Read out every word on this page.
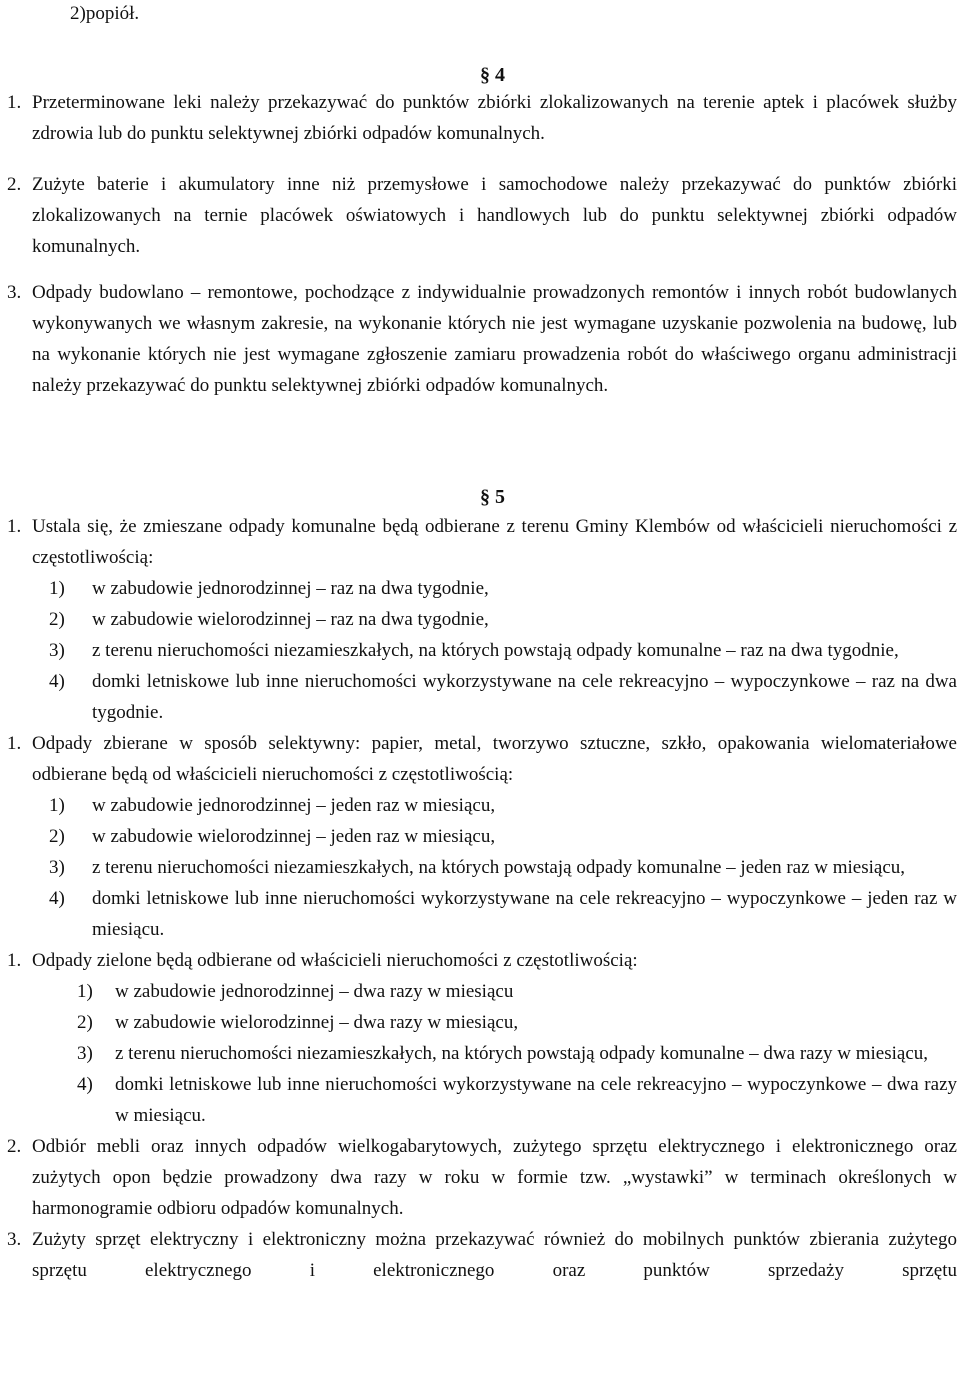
2)popiół.
§ 4
1. Przeterminowane leki należy przekazywać do punktów zbiórki zlokalizowanych na terenie aptek i placówek służby zdrowia lub do punktu selektywnej zbiórki odpadów komunalnych.

2. Zużyte baterie i akumulatory inne niż przemysłowe i samochodowe należy przekazywać do punktów zbiórki zlokalizowanych na ternie placówek oświatowych i handlowych lub do punktu selektywnej zbiórki odpadów komunalnych.

3. Odpady budowlano – remontowe, pochodzące z indywidualnie prowadzonych remontów i innych robót budowlanych wykonywanych we własnym zakresie, na wykonanie których nie jest wymagane uzyskanie pozwolenia na budowę, lub na wykonanie których nie jest wymagane zgłoszenie zamiaru prowadzenia robót do właściwego organu administracji należy przekazywać do punktu selektywnej zbiórki odpadów komunalnych.

§ 5
1. Ustala się, że zmieszane odpady komunalne będą odbierane z terenu Gminy Klembów od właścicieli nieruchomości z częstotliwością:

1) w zabudowie jednorodzinnej – raz na dwa tygodnie,
2) w zabudowie wielorodzinnej – raz na dwa tygodnie,
3) z terenu nieruchomości niezamieszkałych, na których powstają odpady komunalne – raz na dwa tygodnie,
4) domki letniskowe lub inne nieruchomości wykorzystywane na cele rekreacyjno – wypoczynkowe – raz na dwa tygodnie.
1. Odpady zbierane w sposób selektywny: papier, metal, tworzywo sztuczne, szkło, opakowania wielomateriałowe odbierane będą od właścicieli nieruchomości z częstotliwością:

1) w zabudowie jednorodzinnej – jeden raz w miesiącu,
2) w zabudowie wielorodzinnej – jeden raz w miesiącu,
3) z terenu nieruchomości niezamieszkałych, na których powstają odpady komunalne – jeden raz w miesiącu,
4) domki letniskowe lub inne nieruchomości wykorzystywane na cele rekreacyjno – wypoczynkowe – jeden raz w miesiącu.
1. Odpady zielone będą odbierane od właścicieli nieruchomości z częstotliwością:

1) w zabudowie jednorodzinnej – dwa razy w miesiącu
2) w zabudowie wielorodzinnej – dwa razy w miesiącu,
3) z terenu nieruchomości niezamieszkałych, na których powstają odpady komunalne – dwa razy w miesiącu,
4) domki letniskowe lub inne nieruchomości wykorzystywane na cele rekreacyjno – wypoczynkowe – dwa razy w miesiącu.
2. Odbiór mebli oraz innych odpadów wielkogabarytowych, zużytego sprzętu elektrycznego i elektronicznego oraz zużytych opon będzie prowadzony dwa razy w roku w formie tzw. „wystawki” w terminach określonych w harmonogramie odbioru odpadów komunalnych.

3. Zużyty sprzęt elektryczny i elektroniczny można przekazywać również do mobilnych punktów zbierania zużytego sprzętu elektrycznego i elektronicznego oraz punktów sprzedaży sprzętu
